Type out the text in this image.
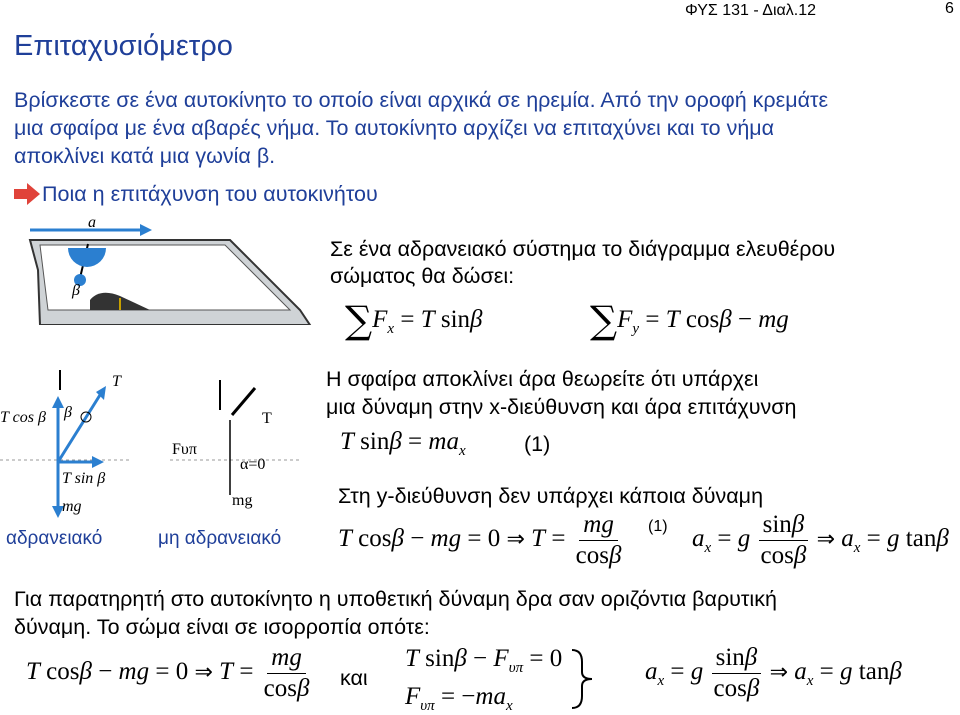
ΦΥΣ 131 - Διαλ.12	6
Επιταχυσιόμετρο
Βρίσκεστε σε ένα αυτοκίνητο το οποίο είναι αρχικά σε ηρεμία. Από την οροφή κρεμάτε
μια σφαίρα με ένα αβαρές νήμα. Το αυτοκίνητο αρχίζει να επιταχύνει και το νήμα
αποκλίνει κατά μια γωνία β.
Ποια η επιτάχυνση του αυτοκινήτου
a
β
Σε ένα αδρανειακό σύστημα το διάγραμμα ελευθέρου
σώματος θα δώσει:
$\sum F_x = T$ sinβ	$\sum F_y = T$ cosβ − mg
T
T cos β β
T sin β
mg
T
Fυπ
α=0
mg
αδρανειακό	μη αδρανειακό
Η σφαίρα αποκλίνει άρα θεωρείτε ότι υπάρχει
μια δύναμη στην x-διεύθυνση και άρα επιτάχυνση
T $\sin\beta = ma_x$	(1)
Στη y-διεύθυνση δεν υπάρχει κάποια δύναμη
T cosβ − mg = 0 ⇒ $T = \frac{mg}{\cos\beta} (1) a_x = g \frac{\sin\beta}{\cos\beta}$ ⇒ $a_x = g$ tanβ
Για παρατηρητή στο αυτοκίνητο η υποθετική δύναμη δρα σαν οριζόντια βαρυτική
δύναμη. Το σώμα είναι σε ισορροπία οπότε:
T cosβ − mg = 0 ⇒ $T = \frac{mg}{\cos\beta}$ και
T $\sin\beta - F_{\upsilon\pi} = 0$
$F_{\upsilon\pi} = -ma_x$
$a_x = g \frac{\sin\beta}{\cos\beta}$ ⇒ $a_x = g$ tanβ
